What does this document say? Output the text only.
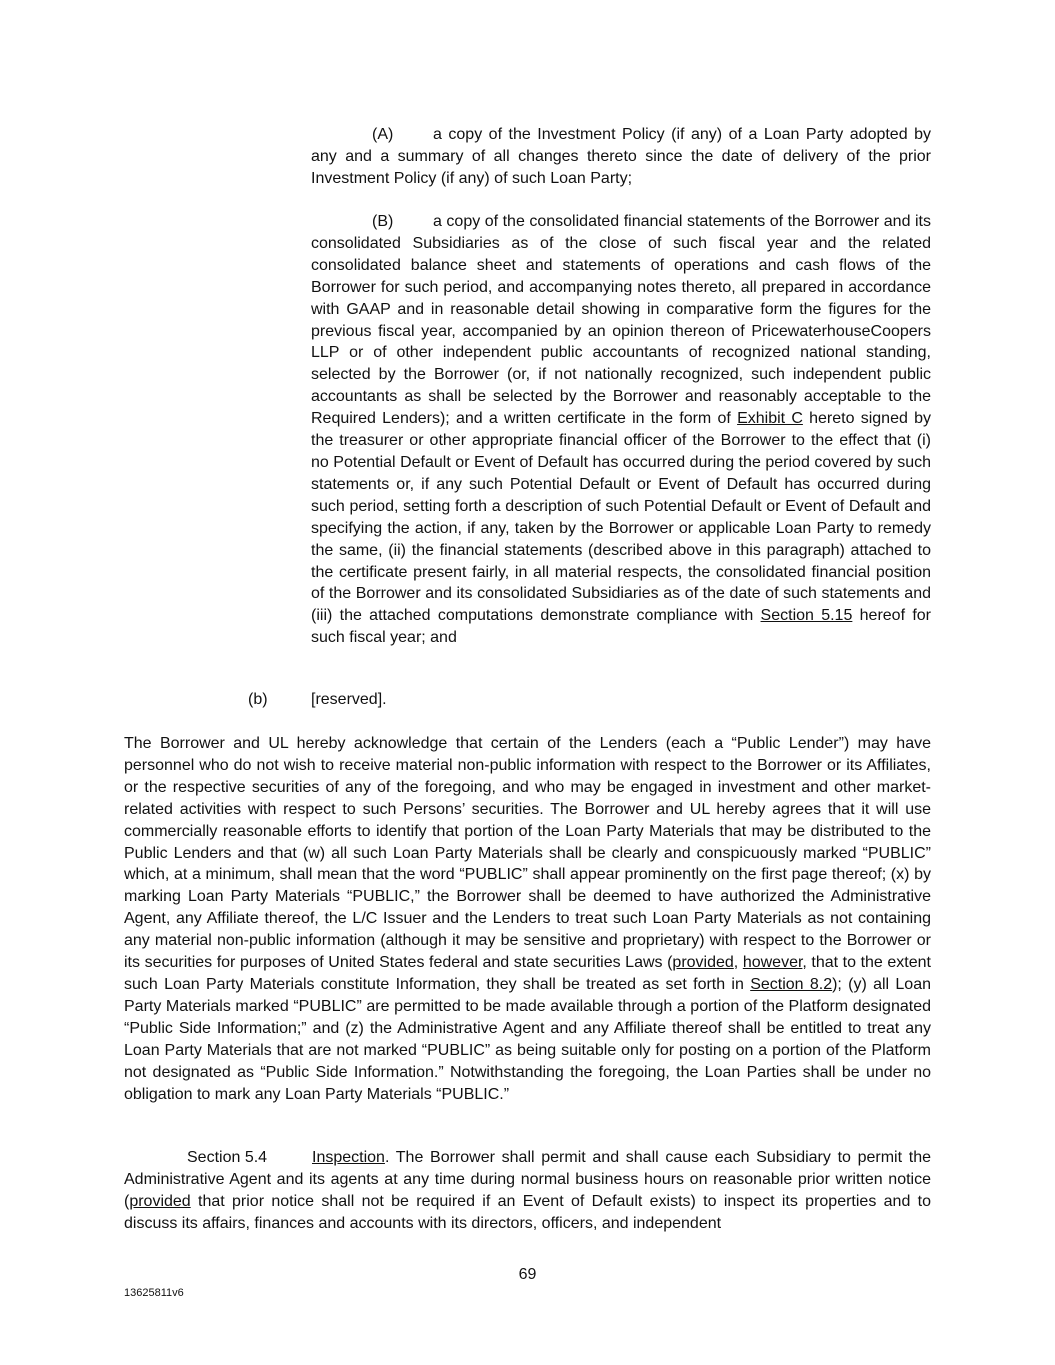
(A) a copy of the Investment Policy (if any) of a Loan Party adopted by any and a summary of all changes thereto since the date of delivery of the prior Investment Policy (if any) of such Loan Party;

(B) a copy of the consolidated financial statements of the Borrower and its consolidated Subsidiaries as of the close of such fiscal year and the related consolidated balance sheet and statements of operations and cash flows of the Borrower for such period, and accompanying notes thereto, all prepared in accordance with GAAP and in reasonable detail showing in comparative form the figures for the previous fiscal year, accompanied by an opinion thereon of PricewaterhouseCoopers LLP or of other independent public accountants of recognized national standing, selected by the Borrower (or, if not nationally recognized, such independent public accountants as shall be selected by the Borrower and reasonably acceptable to the Required Lenders); and a written certificate in the form of Exhibit C hereto signed by the treasurer or other appropriate financial officer of the Borrower to the effect that (i) no Potential Default or Event of Default has occurred during the period covered by such statements or, if any such Potential Default or Event of Default has occurred during such period, setting forth a description of such Potential Default or Event of Default and specifying the action, if any, taken by the Borrower or applicable Loan Party to remedy the same, (ii) the financial statements (described above in this paragraph) attached to the certificate present fairly, in all material respects, the consolidated financial position of the Borrower and its consolidated Subsidiaries as of the date of such statements and (iii) the attached computations demonstrate compliance with Section 5.15 hereof for such fiscal year; and

(b)	[reserved].

The Borrower and UL hereby acknowledge that certain of the Lenders (each a “Public Lender”) may have personnel who do not wish to receive material non-public information with respect to the Borrower or its Affiliates, or the respective securities of any of the foregoing, and who may be engaged in investment and other market-related activities with respect to such Persons’ securities. The Borrower and UL hereby agrees that it will use commercially reasonable efforts to identify that portion of the Loan Party Materials that may be distributed to the Public Lenders and that (w) all such Loan Party Materials shall be clearly and conspicuously marked “PUBLIC” which, at a minimum, shall mean that the word “PUBLIC” shall appear prominently on the first page thereof; (x) by marking Loan Party Materials “PUBLIC,” the Borrower shall be deemed to have authorized the Administrative Agent, any Affiliate thereof, the L/C Issuer and the Lenders to treat such Loan Party Materials as not containing any material non-public information (although it may be sensitive and proprietary) with respect to the Borrower or its securities for purposes of United States federal and state securities Laws (provided, however, that to the extent such Loan Party Materials constitute Information, they shall be treated as set forth in Section 8.2); (y) all Loan Party Materials marked “PUBLIC” are permitted to be made available through a portion of the Platform designated “Public Side Information;” and (z) the Administrative Agent and any Affiliate thereof shall be entitled to treat any Loan Party Materials that are not marked “PUBLIC” as being suitable only for posting on a portion of the Platform not designated as “Public Side Information.” Notwithstanding the foregoing, the Loan Parties shall be under no obligation to mark any Loan Party Materials “PUBLIC.”

Section 5.4	Inspection. The Borrower shall permit and shall cause each Subsidiary to permit the Administrative Agent and its agents at any time during normal business hours on reasonable prior written notice (provided that prior notice shall not be required if an Event of Default exists) to inspect its properties and to discuss its affairs, finances and accounts with its directors, officers, and independent

69
13625811v6
